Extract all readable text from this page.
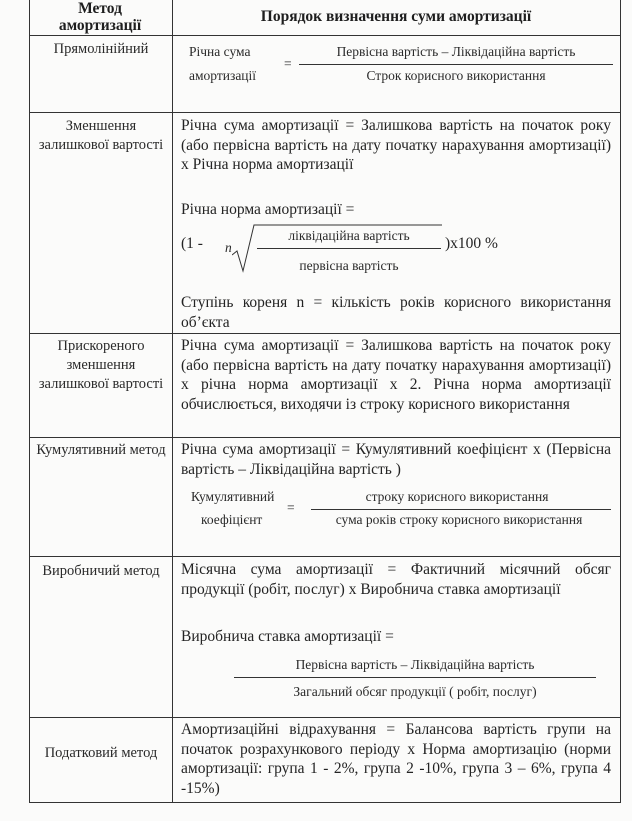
Метод амортизації
Порядок визначення суми амортизації
Прямолінійний	Річна сума
амортизації
=
Первісна вартість – Ліквідаційна вартість
Строк корисного використання
Зменшення залишкової вартості
Річна сума амортизації = Залишкова вартість на початок року (або первісна вартість на дату початку нарахування амортизації) х Річна норма амортизації
Річна норма амортизації =
(1 - n
ліквідаційна вартість
первісна вартість
)х100 %
Ступінь кореня n = кількість років корисного використання об’єкта
Прискореного зменшення залишкової вартості
Річна сума амортизації = Залишкова вартість на початок року (або первісна вартість на дату початку нарахування амортизації) х річна норма амортизації х 2. Річна норма амортизації обчислюється, виходячи із строку корисного використання
Кумулятивний метод Річна сума амортизації = Кумулятивний коефіцієнт х (Первісна вартість – Ліквідаційна вартість )
Кумулятивний
коефіцієнт
=
строку корисного використання
сума років строку корисного використання
Виробничий метод	Місячна сума амортизації = Фактичний місячний обсяг продукції (робіт, послуг) х Виробнича ставка амортизації
Виробнича ставка амортизації =
Первісна вартість – Ліквідаційна вартість
Загальний обсяг продукції ( робіт, послуг)
Податковий метод
Амортизаційні відрахування = Балансова вартість групи на початок розрахункового періоду х Норма амортизацію (норми амортизації: група 1 - 2%, група 2 -10%, група 3 – 6%, група 4 -15%)
